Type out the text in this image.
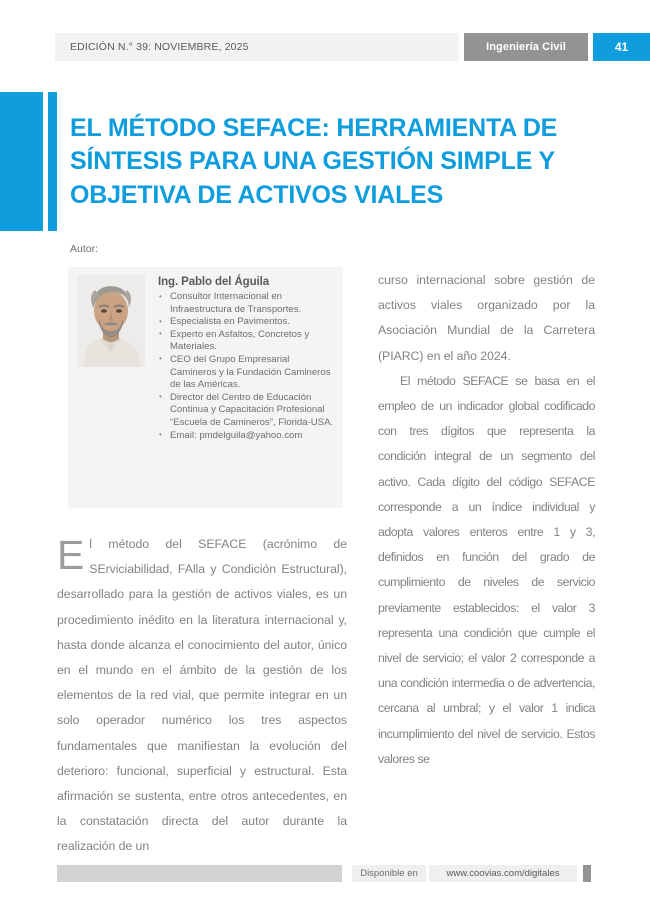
EDICIÓN N.° 39: NOVIEMBRE, 2025	Ingeniería Civil	41
EL MÉTODO SEFACE: HERRAMIENTA DE SÍNTESIS PARA UNA GESTIÓN SIMPLE Y OBJETIVA DE ACTIVOS VIALES
Autor:
Ing. Pablo del Águila
• Consultor Internacional en Infraestructura de Transportes.
• Especialista en Pavimentos.
• Experto en Asfaltos, Concretos y Materiales.
• CEO del Grupo Empresarial Camineros y la Fundación Camineros de las Américas.
• Director del Centro de Educación Continua y Capacitación Profesional “Escuela de Camineros”, Florida-USA.
• Email: pmdelguila@yahoo.com

El método del SEFACE (acrónimo de SErviciabilidad, FAlla y Condición Estructural), desarrollado para la gestión de activos viales, es un procedimiento inédito en la literatura internacional y, hasta donde alcanza el conocimiento del autor, único en el mundo en el ámbito de la gestión de los elementos de la red vial, que permite integrar en un solo operador numérico los tres aspectos fundamentales que manifiestan la evolución del deterioro: funcional, superficial y estructural. Esta afirmación se sustenta, entre otros antecedentes, en la constatación directa del autor durante la realización de un

curso internacional sobre gestión de activos viales organizado por la Asociación Mundial de la Carretera (PIARC) en el año 2024.

El método SEFACE se basa en el empleo de un indicador global codificado con tres dígitos que representa la condición integral de un segmento del activo. Cada dígito del código SEFACE corresponde a un índice individual y adopta valores enteros entre 1 y 3, definidos en función del grado de cumplimiento de niveles de servicio previamente establecidos: el valor 3 representa una condición que cumple el nivel de servicio; el valor 2 corresponde a una condición intermedia o de advertencia, cercana al umbral; y el valor 1 indica incumplimiento del nivel de servicio. Estos valores se

Disponible en	www.coovias.com/digitales
